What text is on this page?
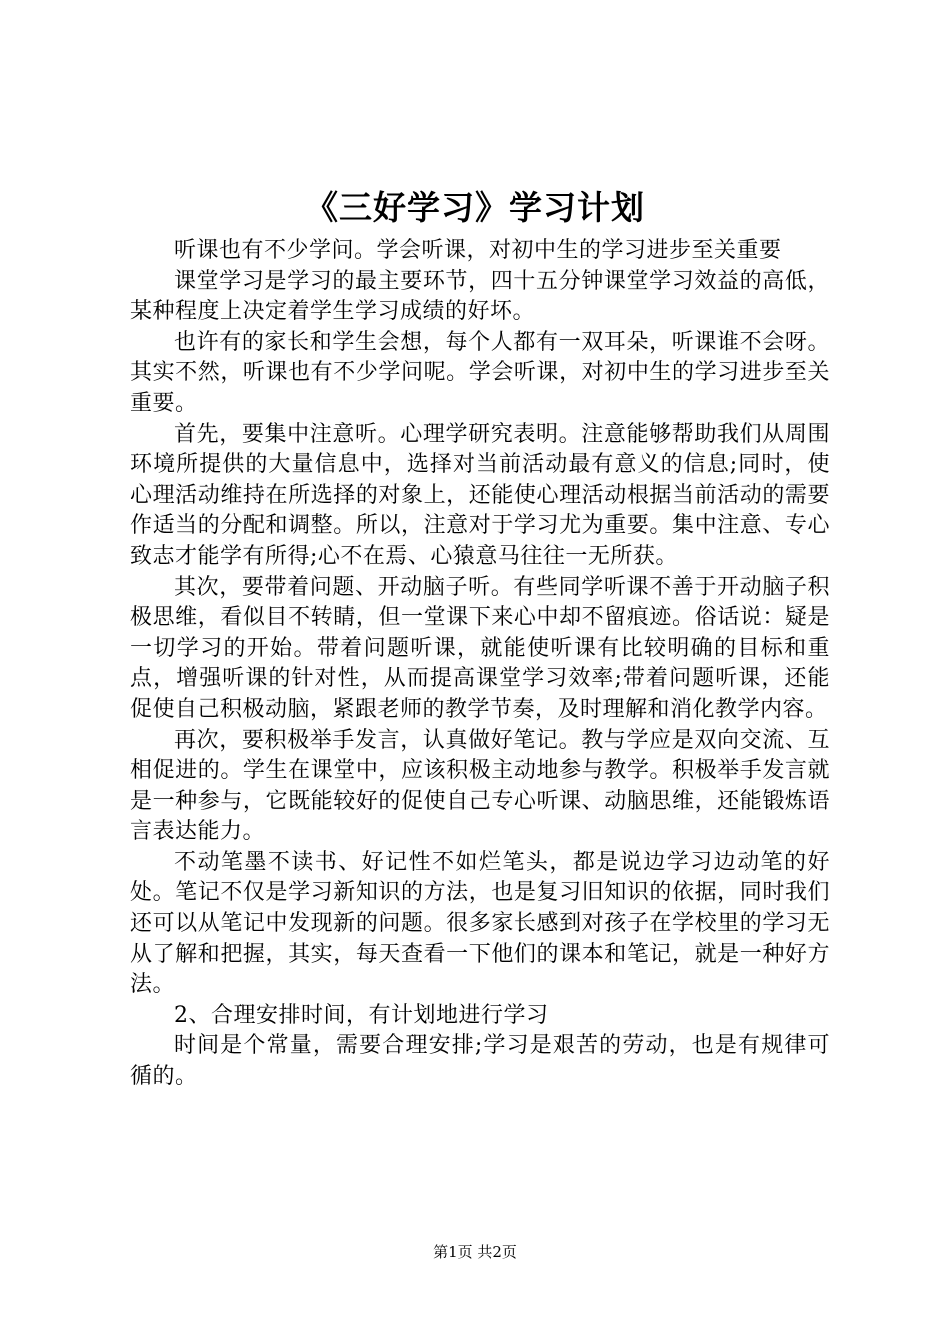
《三好学习》学习计划

听课也有不少学问。学会听课，对初中生的学习进步至关重要

课堂学习是学习的最主要环节，四十五分钟课堂学习效益的高低，某种程度上决定着学生学习成绩的好坏。

也许有的家长和学生会想，每个人都有一双耳朵，听课谁不会呀。其实不然，听课也有不少学问呢。学会听课，对初中生的学习进步至关重要。

首先，要集中注意听。心理学研究表明。注意能够帮助我们从周围环境所提供的大量信息中，选择对当前活动最有意义的信息;同时，使心理活动维持在所选择的对象上，还能使心理活动根据当前活动的需要作适当的分配和调整。所以，注意对于学习尤为重要。集中注意、专心致志才能学有所得;心不在焉、心猿意马往往一无所获。

其次，要带着问题、开动脑子听。有些同学听课不善于开动脑子积极思维，看似目不转睛，但一堂课下来心中却不留痕迹。俗话说：疑是一切学习的开始。带着问题听课，就能使听课有比较明确的目标和重点，增强听课的针对性，从而提高课堂学习效率;带着问题听课，还能促使自己积极动脑，紧跟老师的教学节奏，及时理解和消化教学内容。

再次，要积极举手发言，认真做好笔记。教与学应是双向交流、互相促进的。学生在课堂中，应该积极主动地参与教学。积极举手发言就是一种参与，它既能较好的促使自己专心听课、动脑思维，还能锻炼语言表达能力。

不动笔墨不读书、好记性不如烂笔头，都是说边学习边动笔的好处。笔记不仅是学习新知识的方法，也是复习旧知识的依据，同时我们还可以从笔记中发现新的问题。很多家长感到对孩子在学校里的学习无从了解和把握，其实，每天查看一下他们的课本和笔记，就是一种好方法。

2、合理安排时间，有计划地进行学习

时间是个常量，需要合理安排;学习是艰苦的劳动，也是有规律可循的。

第1页 共2页
